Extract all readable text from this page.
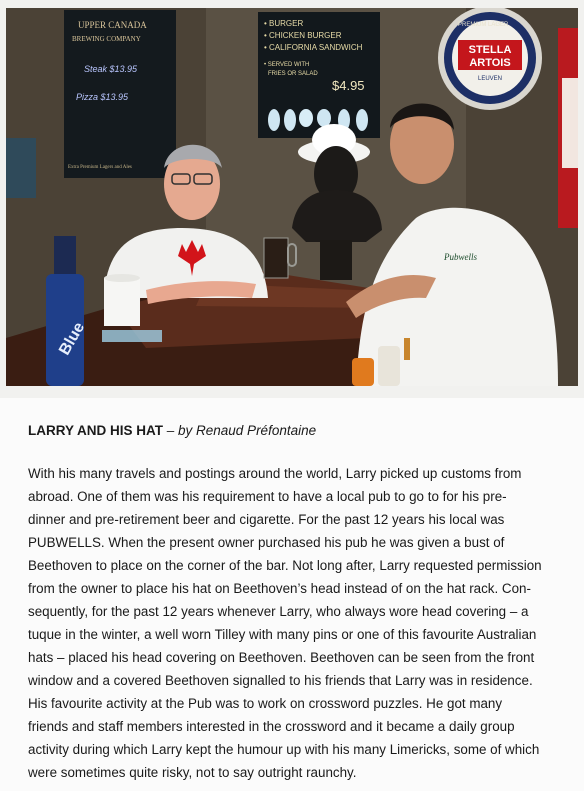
UPPER CANADA
BREWING COMPANY
Steak $13.95
Pizza $13.95
Extra Premium Lagers and Ales
• BURGER
• CHICKEN BURGER
• CALIFORNIA SANDWICH
• SERVED WITH
FRIES OR SALAD
$4.95
PREMIUM LAGER
STELLA
ARTOIS
LEUVEN
Pubwells
Blue

LARRY AND HIS HAT – by Renaud Préfontaine

With his many travels and postings around the world, Larry picked up customs from
abroad. One of them was his requirement to have a local pub to go to for his pre-
dinner and pre-retirement beer and cigarette. For the past 12 years his local was
PUBWELLS. When the present owner purchased his pub he was given a bust of
Beethoven to place on the corner of the bar. Not long after, Larry requested permission
from the owner to place his hat on Beethoven’s head instead of on the hat rack. Con-
sequently, for the past 12 years whenever Larry, who always wore head covering – a
tuque in the winter, a well worn Tilley with many pins or one of this favourite Australian
hats – placed his head covering on Beethoven. Beethoven can be seen from the front
window and a covered Beethoven signalled to his friends that Larry was in residence.
His favourite activity at the Pub was to work on crossword puzzles. He got many
friends and staff members interested in the crossword and it became a daily group
activity during which Larry kept the humour up with his many Limericks, some of which
were sometimes quite risky, not to say outright raunchy.
